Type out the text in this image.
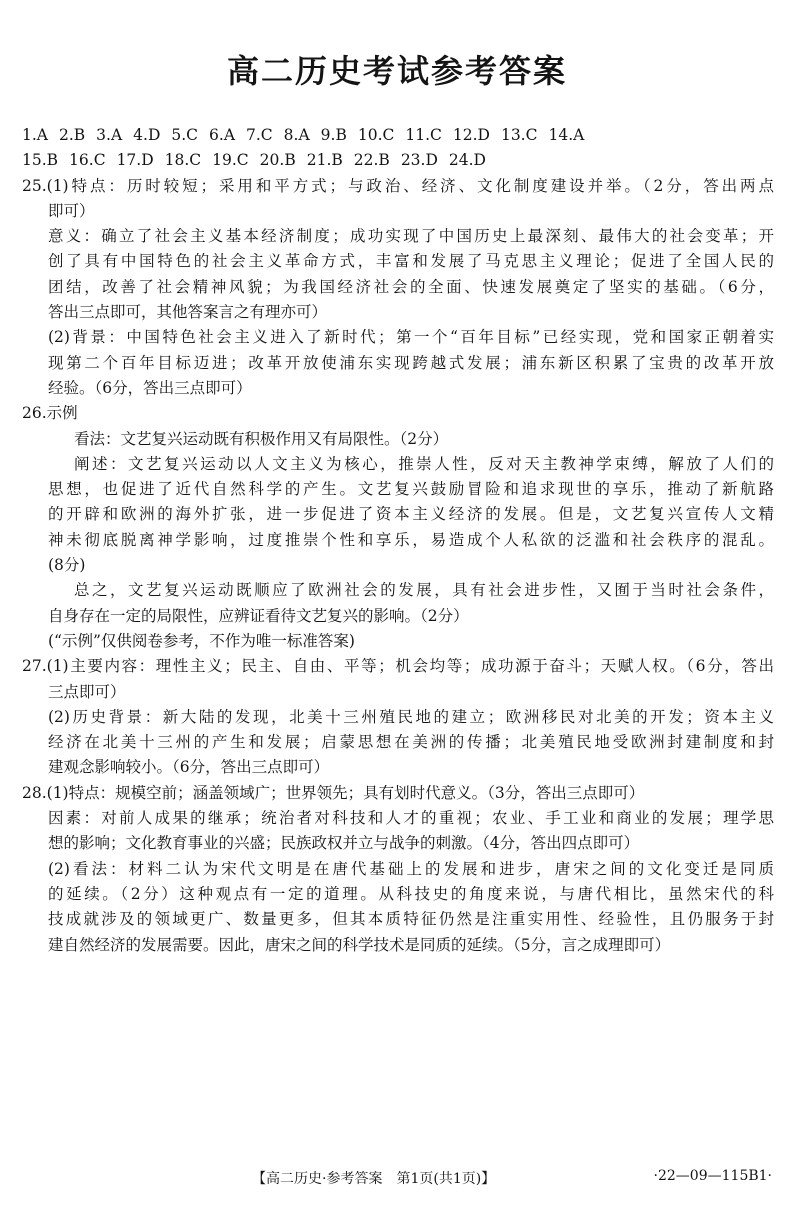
高二历史考试参考答案
1.A 2.B 3.A 4.D 5.C 6.A 7.C 8.A 9.B 10.C 11.C 12.D 13.C 14.A
15.B 16.C 17.D 18.C 19.C 20.B 21.B 22.B 23.D 24.D
25.(1)特点：历时较短；采用和平方式；与政治、经济、文化制度建设并举。（2分，答出两点
即可）
意义：确立了社会主义基本经济制度；成功实现了中国历史上最深刻、最伟大的社会变革；开
创了具有中国特色的社会主义革命方式，丰富和发展了马克思主义理论；促进了全国人民的
团结，改善了社会精神风貌；为我国经济社会的全面、快速发展奠定了坚实的基础。（6分，
答出三点即可，其他答案言之有理亦可）
(2)背景：中国特色社会主义进入了新时代；第一个“百年目标”已经实现，党和国家正朝着实
现第二个百年目标迈进；改革开放使浦东实现跨越式发展；浦东新区积累了宝贵的改革开放
经验。（6分，答出三点即可）
26.示例
看法：文艺复兴运动既有积极作用又有局限性。（2分）
阐述：文艺复兴运动以人文主义为核心，推崇人性，反对天主教神学束缚，解放了人们的
思想，也促进了近代自然科学的产生。文艺复兴鼓励冒险和追求现世的享乐，推动了新航路
的开辟和欧洲的海外扩张，进一步促进了资本主义经济的发展。但是，文艺复兴宣传人文精
神未彻底脱离神学影响，过度推崇个性和享乐，易造成个人私欲的泛滥和社会秩序的混乱。
(8分)
总之，文艺复兴运动既顺应了欧洲社会的发展，具有社会进步性，又囿于当时社会条件，
自身存在一定的局限性，应辨证看待文艺复兴的影响。（2分）
(“示例”仅供阅卷参考，不作为唯一标准答案)
27.(1)主要内容：理性主义；民主、自由、平等；机会均等；成功源于奋斗；天赋人权。（6分，答出
三点即可）
(2)历史背景：新大陆的发现，北美十三州殖民地的建立；欧洲移民对北美的开发；资本主义
经济在北美十三州的产生和发展；启蒙思想在美洲的传播；北美殖民地受欧洲封建制度和封
建观念影响较小。（6分，答出三点即可）
28.(1)特点：规模空前；涵盖领域广；世界领先；具有划时代意义。（3分，答出三点即可）
因素：对前人成果的继承；统治者对科技和人才的重视；农业、手工业和商业的发展；理学思
想的影响；文化教育事业的兴盛；民族政权并立与战争的刺激。（4分，答出四点即可）
(2)看法：材料二认为宋代文明是在唐代基础上的发展和进步，唐宋之间的文化变迁是同质
的延续。（2分）这种观点有一定的道理。从科技史的角度来说，与唐代相比，虽然宋代的科
技成就涉及的领域更广、数量更多，但其本质特征仍然是注重实用性、经验性，且仍服务于封
建自然经济的发展需要。因此，唐宋之间的科学技术是同质的延续。（5分，言之成理即可）
【高二历史·参考答案　第1页(共1页)】	·22—09—115B1·
